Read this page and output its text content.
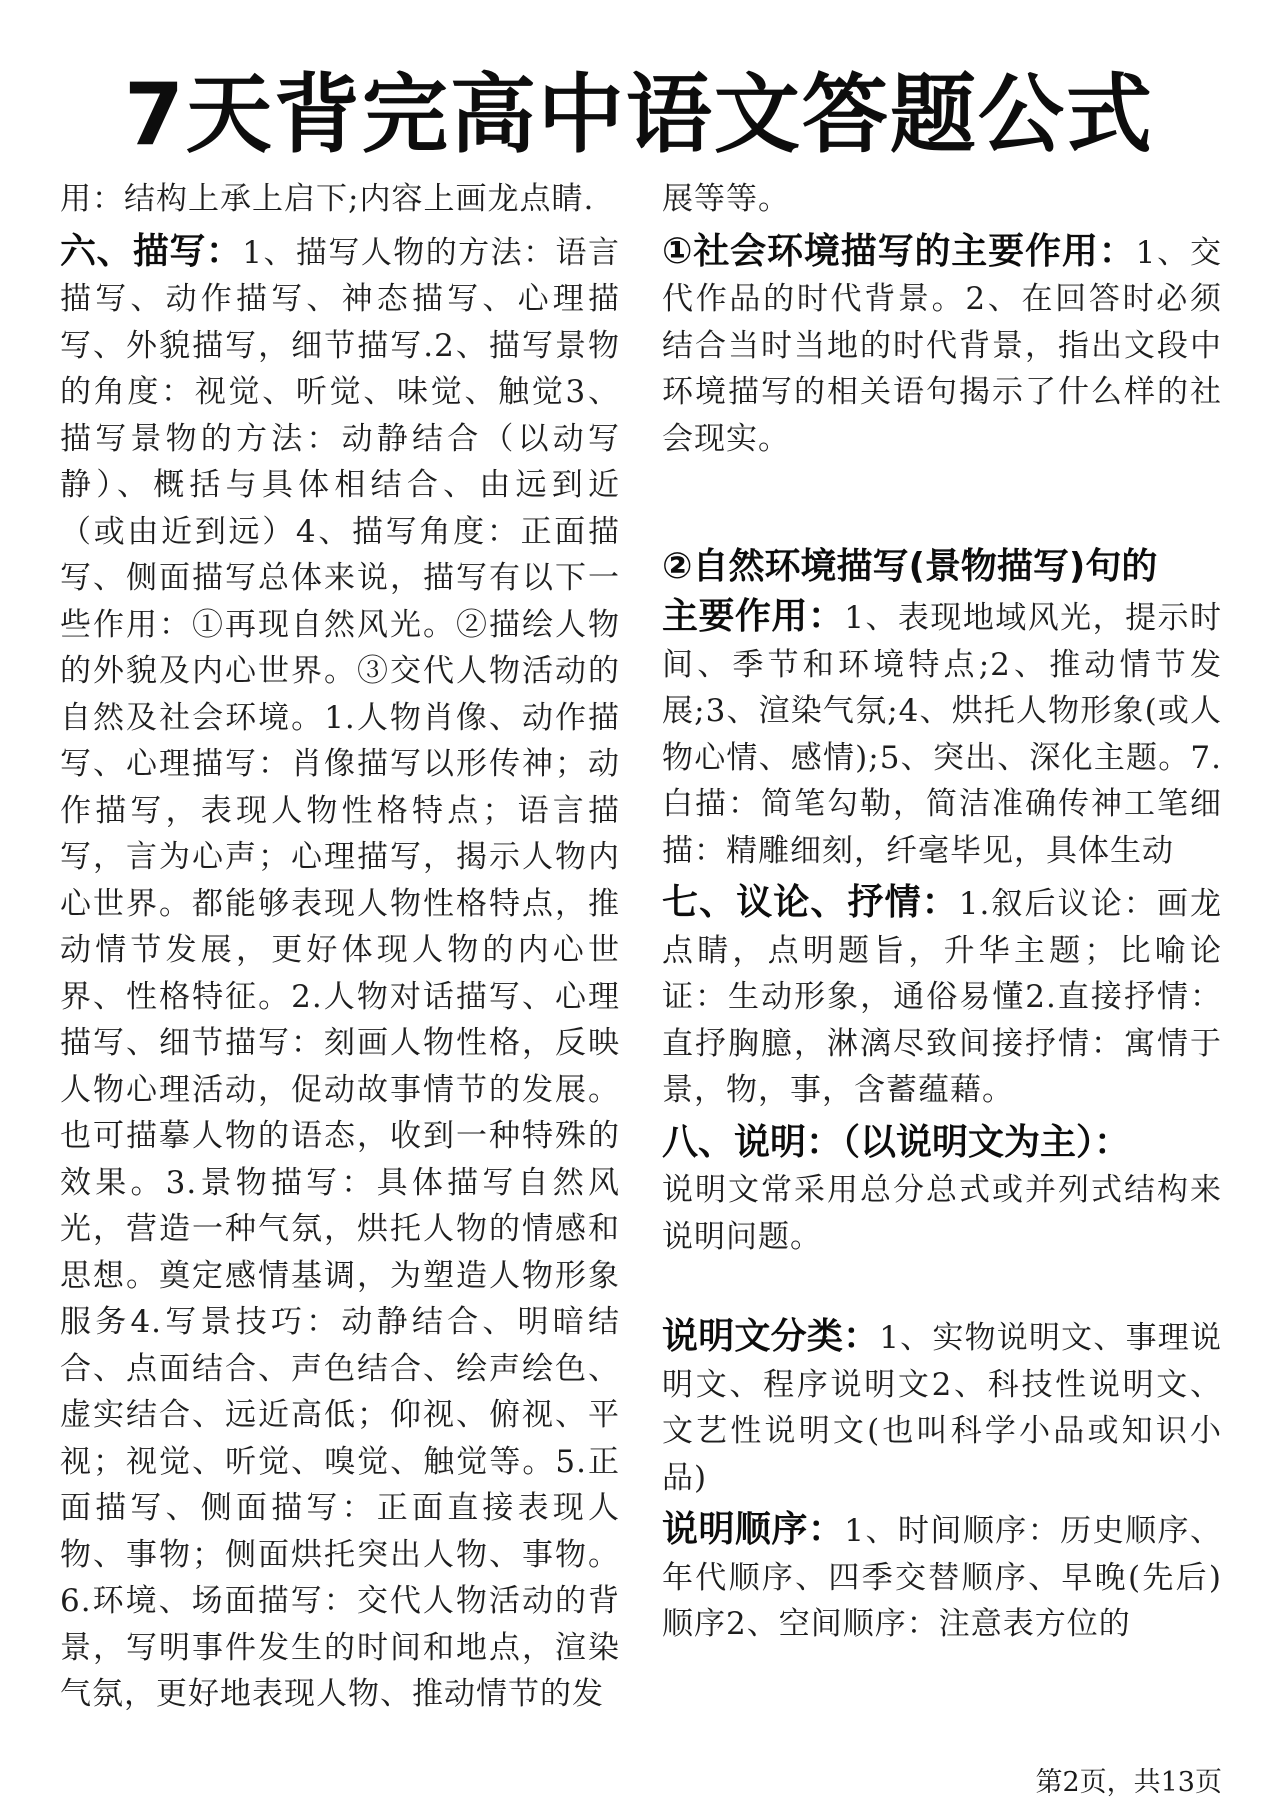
7天背完高中语文答题公式

用：结构上承上启下;内容上画龙点睛.

六、描写：1、描写人物的方法：语言描写、动作描写、神态描写、心理描写、外貌描写，细节描写.2、描写景物的角度：视觉、听觉、味觉、触觉3、描写景物的方法：动静结合（以动写静）、概括与具体相结合、由远到近（或由近到远）4、描写角度：正面描写、侧面描写总体来说，描写有以下一些作用：①再现自然风光。②描绘人物的外貌及内心世界。③交代人物活动的自然及社会环境。1.人物肖像、动作描写、心理描写：肖像描写以形传神；动作描写，表现人物性格特点；语言描写，言为心声；心理描写，揭示人物内心世界。都能够表现人物性格特点，推动情节发展，更好体现人物的内心世界、性格特征。2.人物对话描写、心理描写、细节描写：刻画人物性格，反映人物心理活动，促动故事情节的发展。也可描摹人物的语态，收到一种特殊的效果。3.景物描写：具体描写自然风光，营造一种气氛，烘托人物的情感和思想。奠定感情基调，为塑造人物形象服务4.写景技巧：动静结合、明暗结合、点面结合、声色结合、绘声绘色、虚实结合、远近高低；仰视、俯视、平视；视觉、听觉、嗅觉、触觉等。5.正面描写、侧面描写：正面直接表现人物、事物；侧面烘托突出人物、事物。6.环境、场面描写：交代人物活动的背景，写明事件发生的时间和地点，渲染气氛，更好地表现人物、推动情节的发

展等等。

①社会环境描写的主要作用：1、交代作品的时代背景。2、在回答时必须结合当时当地的时代背景，指出文段中环境描写的相关语句揭示了什么样的社会现实。

②自然环境描写(景物描写)句的

主要作用：1、表现地域风光，提示时间、季节和环境特点;2、推动情节发展;3、渲染气氛;4、烘托人物形象(或人物心情、感情);5、突出、深化主题。7.白描：简笔勾勒，简洁准确传神工笔细描：精雕细刻，纤毫毕见，具体生动

七、议论、抒情：1.叙后议论：画龙点睛，点明题旨，升华主题；比喻论证：生动形象，通俗易懂2.直接抒情：直抒胸臆，淋漓尽致间接抒情：寓情于景，物，事，含蓄蕴藉。

八、说明：（以说明文为主）：

说明文常采用总分总式或并列式结构来说明问题。

说明文分类：1、实物说明文、事理说明文、程序说明文2、科技性说明文、文艺性说明文(也叫科学小品或知识小品)

说明顺序：1、时间顺序：历史顺序、年代顺序、四季交替顺序、早晚(先后)顺序2、空间顺序：注意表方位的

第2页，共13页
